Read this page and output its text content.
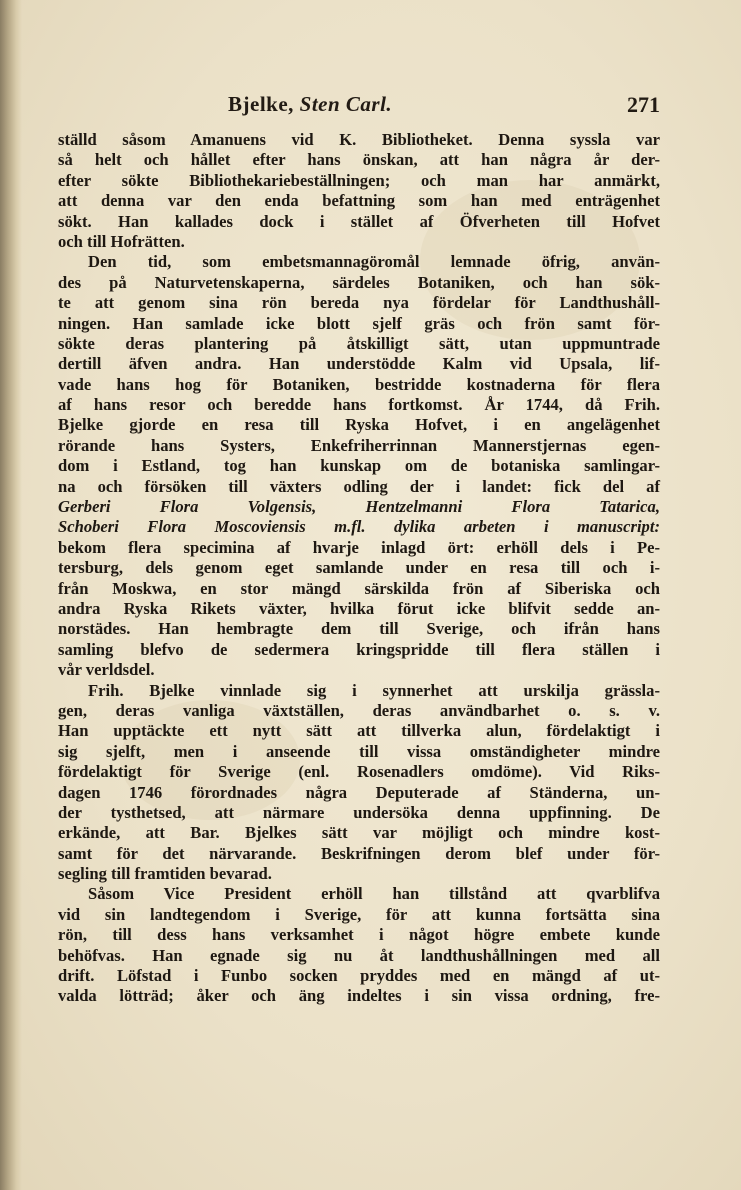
Bjelke, Sten Carl.	271
ställd såsom Amanuens vid K. Bibliotheket. Denna syssla var
så helt och hållet efter hans önskan, att han några år der-
efter sökte Bibliothekariebeställningen; och man har anmärkt,
att denna var den enda befattning som han med enträgenhet
sökt. Han kallades dock i stället af Öfverheten till Hofvet
och till Hofrätten.
Den tid, som embetsmannagöromål lemnade öfrig, använ-
des på Naturvetenskaperna, särdeles Botaniken, och han sök-
te att genom sina rön bereda nya fördelar för Landthushåll-
ningen. Han samlade icke blott sjelf gräs och frön samt för-
sökte deras plantering på åtskilligt sätt, utan uppmuntrade
dertill äfven andra. Han understödde Kalm vid Upsala, lif-
vade hans hog för Botaniken, bestridde kostnaderna för flera
af hans resor och beredde hans fortkomst. År 1744, då Frih.
Bjelke gjorde en resa till Ryska Hofvet, i en angelägenhet
rörande hans Systers, Enkefriherrinnan Mannerstjernas egen-
dom i Estland, tog han kunskap om de botaniska samlingar-
na och försöken till växters odling der i landet: fick del af
Gerberi Flora Volgensis, Hentzelmanni Flora Tatarica,
Schoberi Flora Moscoviensis m.fl. dylika arbeten i manuscript:
bekom flera specimina af hvarje inlagd ört: erhöll dels i Pe-
tersburg, dels genom eget samlande under en resa till och i-
från Moskwa, en stor mängd särskilda frön af Siberiska och
andra Ryska Rikets växter, hvilka förut icke blifvit sedde an-
norstädes. Han hembragte dem till Sverige, och ifrån hans
samling blefvo de sedermera kringspridde till flera ställen i
vår verldsdel.
Frih. Bjelke vinnlade sig i synnerhet att urskilja grässla-
gen, deras vanliga växtställen, deras användbarhet o. s. v.
Han upptäckte ett nytt sätt att tillverka alun, fördelaktigt i
sig sjelft, men i anseende till vissa omständigheter mindre
fördelaktigt för Sverige (enl. Rosenadlers omdöme). Vid Riks-
dagen 1746 förordnades några Deputerade af Ständerna, un-
der tysthetsed, att närmare undersöka denna uppfinning. De
erkände, att Bar. Bjelkes sätt var möjligt och mindre kost-
samt för det närvarande. Beskrifningen derom blef under för-
segling till framtiden bevarad.
Såsom Vice President erhöll han tillstånd att qvarblifva
vid sin landtegendom i Sverige, för att kunna fortsätta sina
rön, till dess hans verksamhet i något högre embete kunde
behöfvas. Han egnade sig nu åt landthushållningen med all
drift. Löfstad i Funbo socken pryddes med en mängd af ut-
valda lötträd; åker och äng indeltes i sin vissa ordning, fre-
